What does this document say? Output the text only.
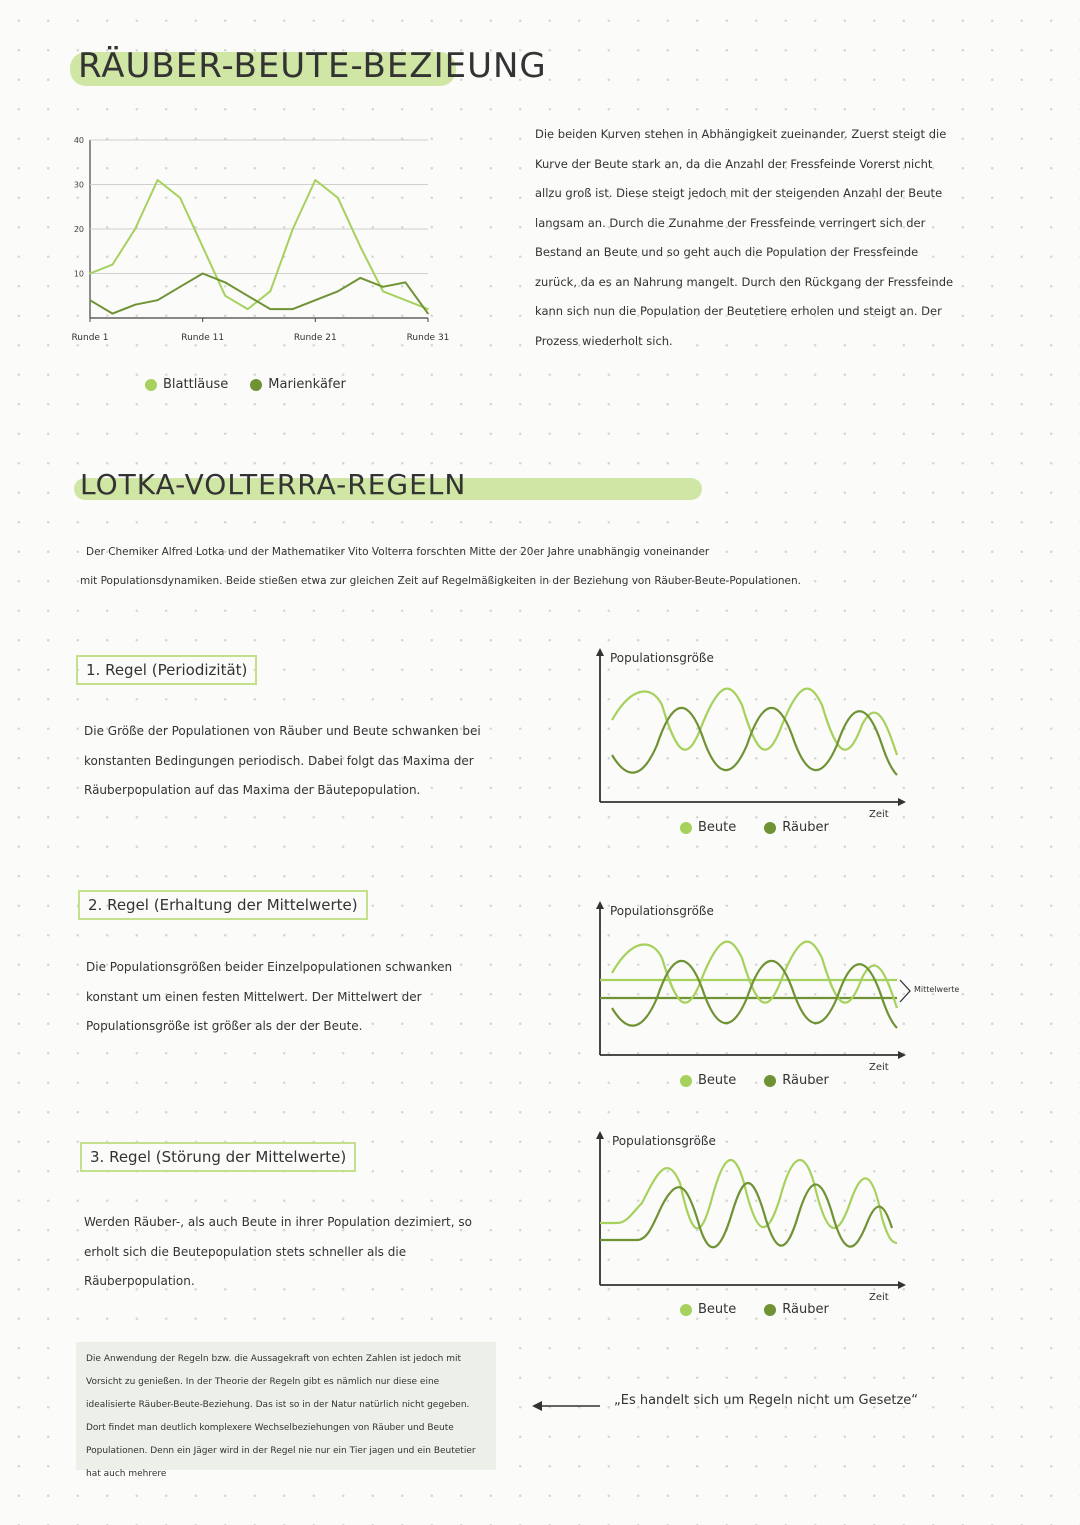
RÄUBER-BEUTE-BEZIEUNG
40
30
20
10
Runde 1	Runde 11	Runde 21	Runde 31
Blattläuse	Marienkäfer
Die beiden Kurven stehen in Abhängigkeit zueinander. Zuerst steigt die Kurve der Beute stark an, da die Anzahl der Fressfeinde Vorerst nicht allzu groß ist. Diese steigt jedoch mit der steigenden Anzahl der Beute langsam an. Durch die Zunahme der Fressfeinde verringert sich der Bestand an Beute und so geht auch die Population der Fressfeinde zurück, da es an Nahrung mangelt. Durch den Rückgang der Fressfeinde kann sich nun die Population der Beutetiere erholen und steigt an. Der Prozess wiederholt sich.
LOTKA-VOLTERRA-REGELN
Der Chemiker Alfred Lotka und der Mathematiker Vito Volterra forschten Mitte der 20er Jahre unabhängig voneinander
mit Populationsdynamiken. Beide stießen etwa zur gleichen Zeit auf Regelmäßigkeiten in der Beziehung von Räuber-Beute-Populationen.
1. Regel (Periodizität)
Die Größe der Populationen von Räuber und Beute schwanken bei konstanten Bedingungen periodisch. Dabei folgt das Maxima der Räuberpopulation auf das Maxima der Bäutepopulation.
Populationsgröße
Zeit
Beute	Räuber
2. Regel (Erhaltung der Mittelwerte)
Die Populationsgrößen beider Einzelpopulationen schwanken konstant um einen festen Mittelwert. Der Mittelwert der Populationsgröße ist größer als der der Beute.
Populationsgröße
Zeit
Mittelwerte
Beute	Räuber
3. Regel (Störung der Mittelwerte)
Werden Räuber-, als auch Beute in ihrer Population dezimiert, so erholt sich die Beutepopulation stets schneller als die Räuberpopulation.
Populationsgröße
Zeit
Beute	Räuber
Die Anwendung der Regeln bzw. die Aussagekraft von echten Zahlen ist jedoch mit Vorsicht zu genießen. In der Theorie der Regeln gibt es nämlich nur diese eine idealisierte Räuber-Beute-Beziehung. Das ist so in der Natur natürlich nicht gegeben. Dort findet man deutlich komplexere Wechselbeziehungen von Räuber und Beute Populationen. Denn ein Jäger wird in der Regel nie nur ein Tier jagen und ein Beutetier hat auch mehrere
„Es handelt sich um Regeln nicht um Gesetze“
